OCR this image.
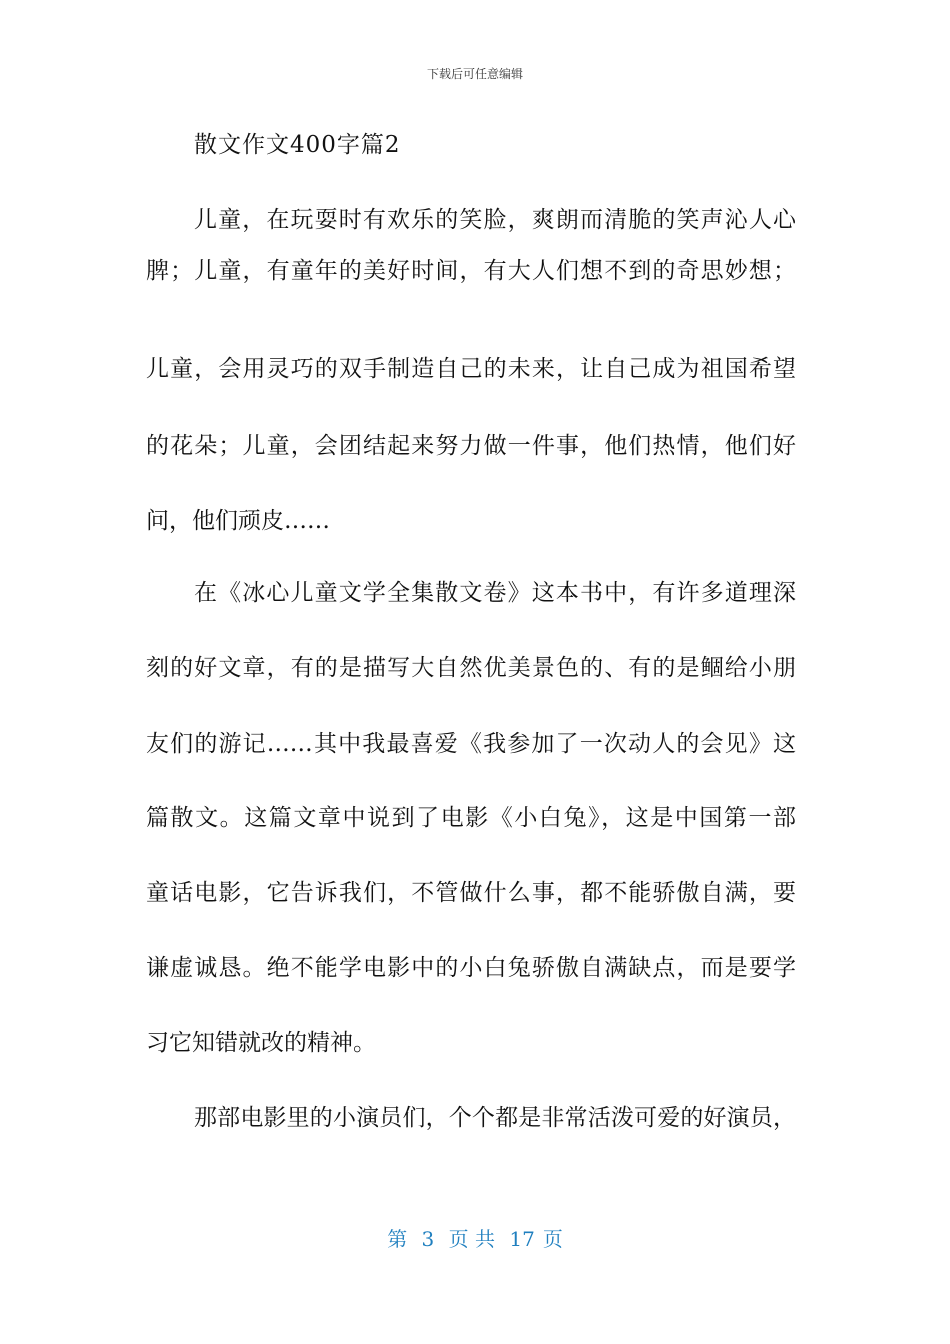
下载后可任意编辑
散文作文400字篇2
儿童，在玩耍时有欢乐的笑脸，爽朗而清脆的笑声沁人心
脾；儿童，有童年的美好时间，有大人们想不到的奇思妙想；
儿童，会用灵巧的双手制造自己的未来，让自己成为祖国希望
的花朵；儿童，会团结起来努力做一件事，他们热情，他们好
问，他们顽皮……
在《冰心儿童文学全集散文卷》这本书中，有许多道理深
刻的好文章，有的是描写大自然优美景色的、有的是鲴给小朋
友们的游记……其中我最喜爱《我参加了一次动人的会见》这
篇散文。这篇文章中说到了电影《小白兔》，这是中国第一部
童话电影，它告诉我们，不管做什么事，都不能骄傲自满，要
谦虚诚恳。绝不能学电影中的小白兔骄傲自满缺点，而是要学
习它知错就改的精神。
那部电影里的小演员们，个个都是非常活泼可爱的好演员，
第 3 页 共 17 页
